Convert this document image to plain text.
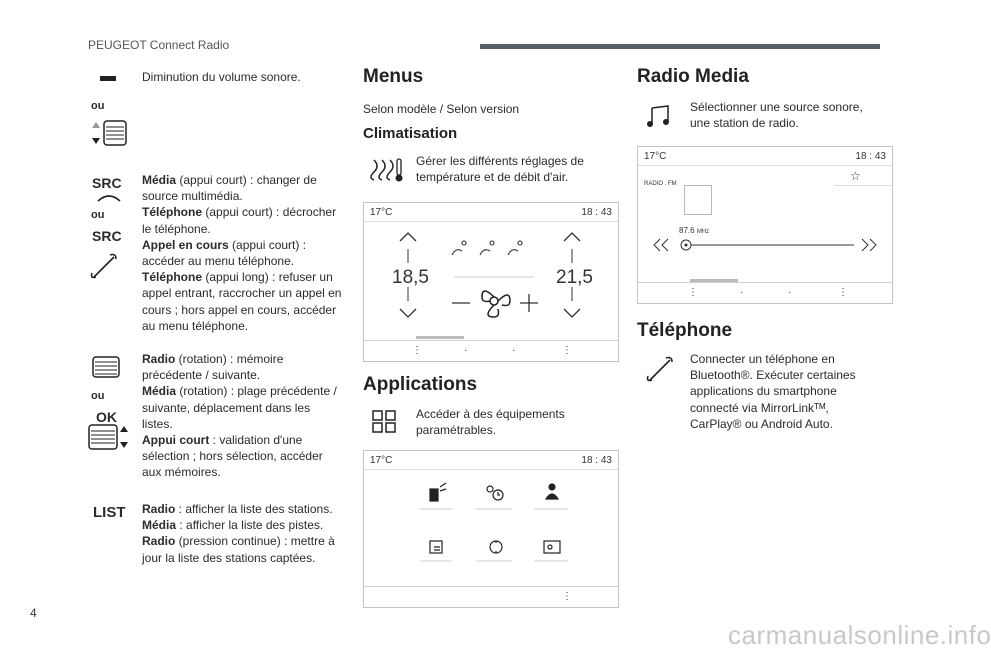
PEUGEOT Connect Radio
Diminution du volume sonore.
ou
SRC
ou
SRC
Média (appui court) : changer de source multimédia.
Téléphone (appui court) : décrocher le téléphone.
Appel en cours (appui court) : accéder au menu téléphone.
Téléphone (appui long) : refuser un appel entrant, raccrocher un appel en cours ; hors appel en cours, accéder au menu téléphone.
ou
OK
Radio (rotation) : mémoire précédente / suivante.
Média (rotation) : plage précédente / suivante, déplacement dans les listes.
Appui court : validation d'une sélection ; hors sélection, accéder aux mémoires.
LIST Radio : afficher la liste des stations.
Média : afficher la liste des pistes.
Radio (pression continue) : mettre à jour la liste des stations captées.
Menus
Selon modèle / Selon version
Climatisation
Gérer les différents réglages de température et de débit d'air.
17°C	18 : 43
18,5	21,5
⋮	·	·	⋮
Applications
Accéder à des équipements paramétrables.
17°C	18 : 43
⋮
Radio Media
Sélectionner une source sonore, une station de radio.
17°C	18 : 43
RADIO . FM
☆
87.6 MHz
⋮	·	·	⋮
Téléphone
Connecter un téléphone en Bluetooth®. Exécuter certaines applications du smartphone connecté via MirrorLinkᵀᴹ, CarPlay® ou Android Auto.
4
carmanualsonline.info
